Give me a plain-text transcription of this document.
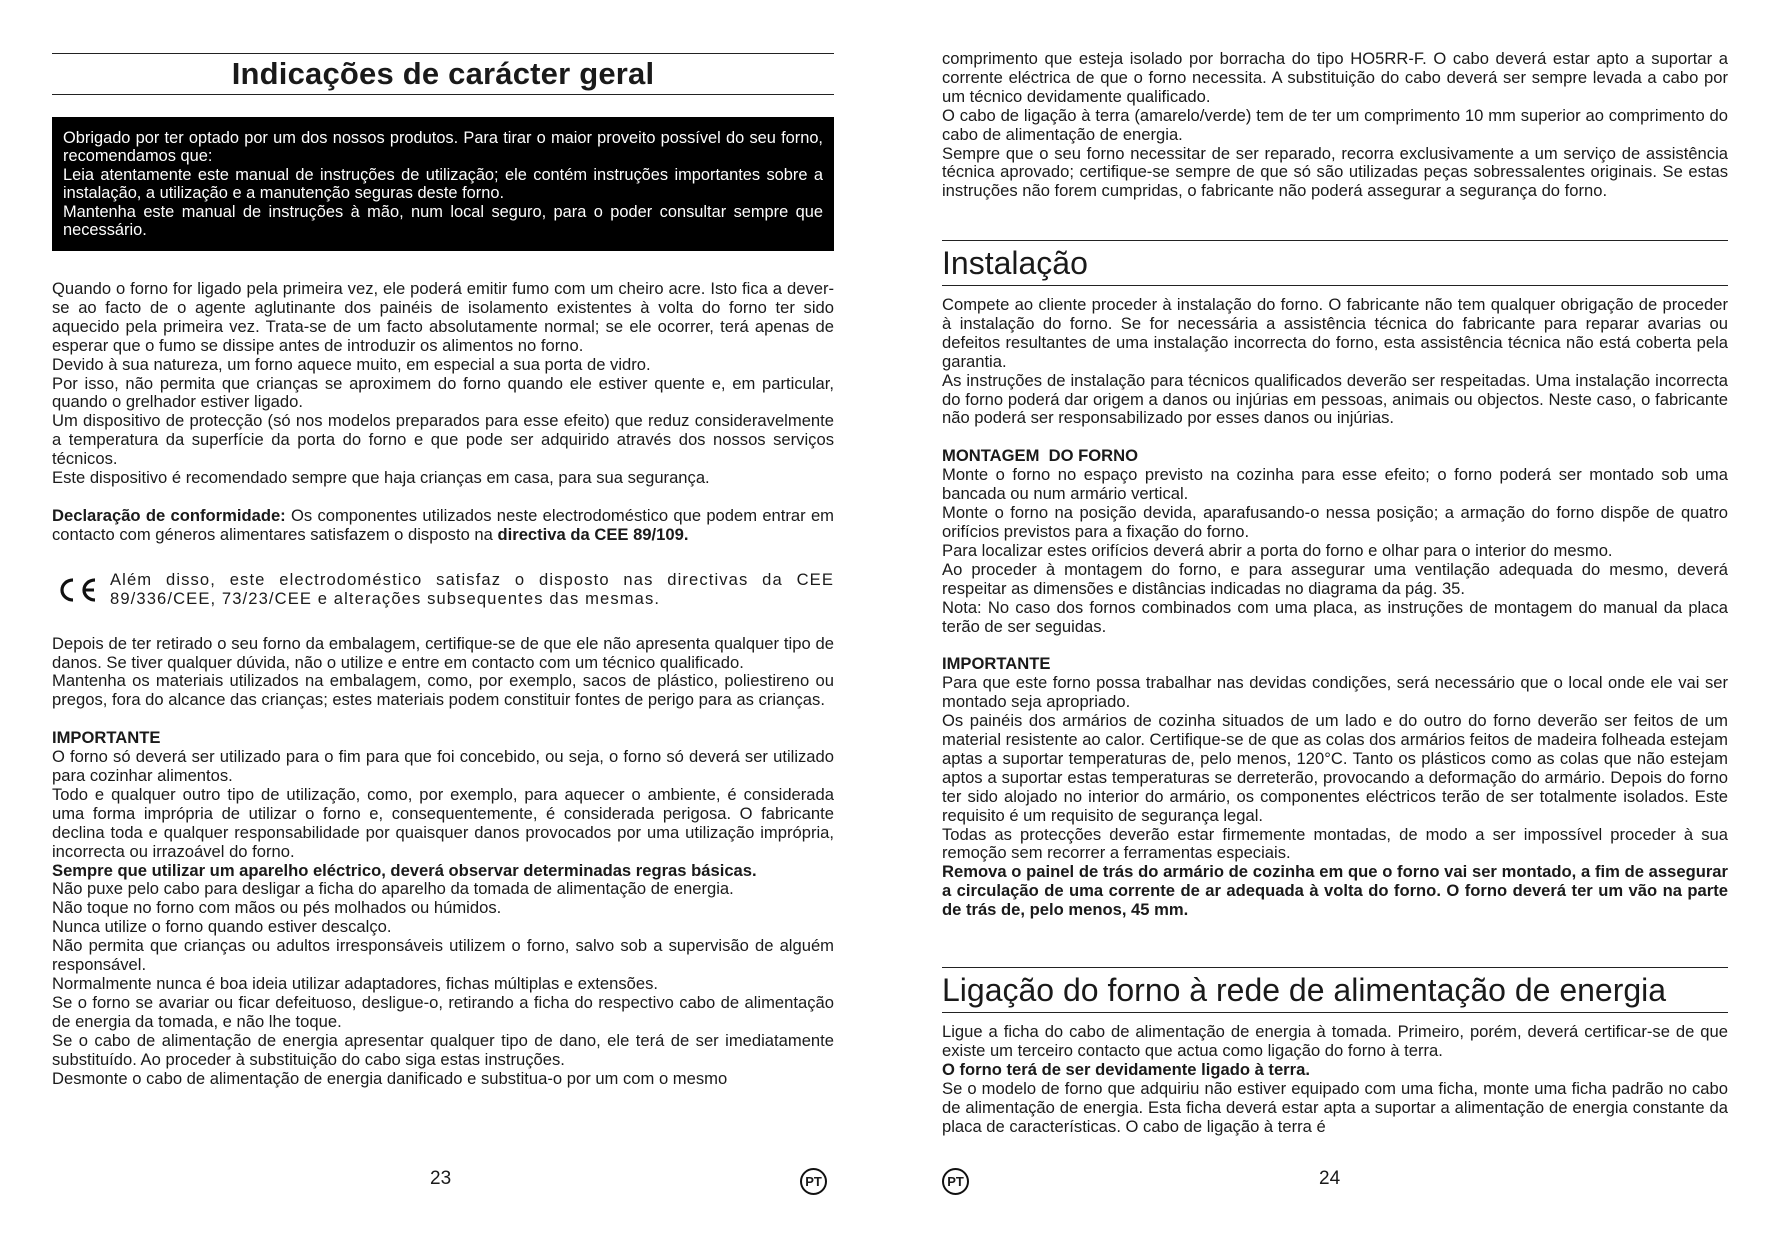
Indicações de carácter geral

Obrigado por ter optado por um dos nossos produtos. Para tirar o maior proveito possível do seu forno, recomendamos que:

Leia atentamente este manual de instruções de utilização; ele contém instruções importantes sobre a instalação, a utilização e a manutenção seguras deste forno.

Mantenha este manual de instruções à mão, num local seguro, para o poder consultar sempre que necessário.

Quando o forno for ligado pela primeira vez, ele poderá emitir fumo com um cheiro acre. Isto fica a dever-se ao facto de o agente aglutinante dos painéis de isolamento existentes à volta do forno ter sido aquecido pela primeira vez. Trata-se de um facto absolutamente normal; se ele ocorrer, terá apenas de esperar que o fumo se dissipe antes de introduzir os alimentos no forno.

Devido à sua natureza, um forno aquece muito, em especial a sua porta de vidro.

Por isso, não permita que crianças se aproximem do forno quando ele estiver quente e, em particular, quando o grelhador estiver ligado.

Um dispositivo de protecção (só nos modelos preparados para esse efeito) que reduz consideravelmente a temperatura da superfície da porta do forno e que pode ser adquirido através dos nossos serviços técnicos.

Este dispositivo é recomendado sempre que haja crianças em casa, para sua segurança.

Declaração de conformidade: Os componentes utilizados neste electrodoméstico que podem entrar em contacto com géneros alimentares satisfazem o disposto na directiva da CEE 89/109.

Além disso, este electrodoméstico satisfaz o disposto nas directivas da CEE 89/336/CEE, 73/23/CEE e alterações subsequentes das mesmas.

Depois de ter retirado o seu forno da embalagem, certifique-se de que ele não apresenta qualquer tipo de danos. Se tiver qualquer dúvida, não o utilize e entre em contacto com um técnico qualificado.

Mantenha os materiais utilizados na embalagem, como, por exemplo, sacos de plástico, poliestireno ou pregos, fora do alcance das crianças; estes materiais podem constituir fontes de perigo para as crianças.

IMPORTANTE

O forno só deverá ser utilizado para o fim para que foi concebido, ou seja, o forno só deverá ser utilizado para cozinhar alimentos.

Todo e qualquer outro tipo de utilização, como, por exemplo, para aquecer o ambiente, é considerada uma forma imprópria de utilizar o forno e, consequentemente, é considerada perigosa. O fabricante declina toda e qualquer responsabilidade por quaisquer danos provocados por uma utilização imprópria, incorrecta ou irrazoável do forno.

Sempre que utilizar um aparelho eléctrico, deverá observar determinadas regras básicas.

Não puxe pelo cabo para desligar a ficha do aparelho da tomada de alimentação de energia.

Não toque no forno com mãos ou pés molhados ou húmidos.

Nunca utilize o forno quando estiver descalço.

Não permita que crianças ou adultos irresponsáveis utilizem o forno, salvo sob a supervisão de alguém responsável.

Normalmente nunca é boa ideia utilizar adaptadores, fichas múltiplas e extensões.

Se o forno se avariar ou ficar defeituoso, desligue-o, retirando a ficha do respectivo cabo de alimentação de energia da tomada, e não lhe toque.

Se o cabo de alimentação de energia apresentar qualquer tipo de dano, ele terá de ser imediatamente substituído. Ao proceder à substituição do cabo siga estas instruções.

Desmonte o cabo de alimentação de energia danificado e substitua-o por um com o mesmo

23	PT

comprimento que esteja isolado por borracha do tipo HO5RR-F. O cabo deverá estar apto a suportar a corrente eléctrica de que o forno necessita. A substituição do cabo deverá ser sempre levada a cabo por um técnico devidamente qualificado.

O cabo de ligação à terra (amarelo/verde) tem de ter um comprimento 10 mm superior ao comprimento do cabo de alimentação de energia.

Sempre que o seu forno necessitar de ser reparado, recorra exclusivamente a um serviço de assistência técnica aprovado; certifique-se sempre de que só são utilizadas peças sobressalentes originais. Se estas instruções não forem cumpridas, o fabricante não poderá assegurar a segurança do forno.

Instalação

Compete ao cliente proceder à instalação do forno. O fabricante não tem qualquer obrigação de proceder à instalação do forno. Se for necessária a assistência técnica do fabricante para reparar avarias ou defeitos resultantes de uma instalação incorrecta do forno, esta assistência técnica não está coberta pela garantia.

As instruções de instalação para técnicos qualificados deverão ser respeitadas. Uma instalação incorrecta do forno poderá dar origem a danos ou injúrias em pessoas, animais ou objectos. Neste caso, o fabricante não poderá ser responsabilizado por esses danos ou injúrias.

MONTAGEM  DO FORNO

Monte o forno no espaço previsto na cozinha para esse efeito; o forno poderá ser montado sob uma bancada ou num armário vertical.

Monte o forno na posição devida, aparafusando-o nessa posição; a armação do forno dispõe de quatro orifícios previstos para a fixação do forno.

Para localizar estes orifícios deverá abrir a porta do forno e olhar para o interior do mesmo.

Ao proceder à montagem do forno, e para assegurar uma ventilação adequada do mesmo, deverá respeitar as dimensões e distâncias indicadas no diagrama da pág. 35.

Nota: No caso dos fornos combinados com uma placa, as instruções de montagem do manual da placa terão de ser seguidas.

IMPORTANTE

Para que este forno possa trabalhar nas devidas condições, será necessário que o local onde ele vai ser montado seja apropriado.

Os painéis dos armários de cozinha situados de um lado e do outro do forno deverão ser feitos de um material resistente ao calor. Certifique-se de que as colas dos armários feitos de madeira folheada estejam aptas a suportar temperaturas de, pelo menos, 120°C. Tanto os plásticos como as colas que não estejam aptos a suportar estas temperaturas se derreterão, provocando a deformação do armário. Depois do forno ter sido alojado no interior do armário, os componentes eléctricos terão de ser totalmente isolados. Este requisito é um requisito de segurança legal.

Todas as protecções deverão estar firmemente montadas, de modo a ser impossível proceder à sua remoção sem recorrer a ferramentas especiais.

Remova o painel de trás do armário de cozinha em que o forno vai ser montado, a fim de assegurar a circulação de uma corrente de ar adequada à volta do forno. O forno deverá ter um vão na parte de trás de, pelo menos, 45 mm.

Ligação do forno à rede de alimentação de energia

Ligue a ficha do cabo de alimentação de energia à tomada. Primeiro, porém, deverá certificar-se de que existe um terceiro contacto que actua como ligação do forno à terra.

O forno terá de ser devidamente ligado à terra.

Se o modelo de forno que adquiriu não estiver equipado com uma ficha, monte uma ficha padrão no cabo de alimentação de energia. Esta ficha deverá estar apta a suportar a alimentação de energia constante da placa de características. O cabo de ligação à terra é

PT	24
